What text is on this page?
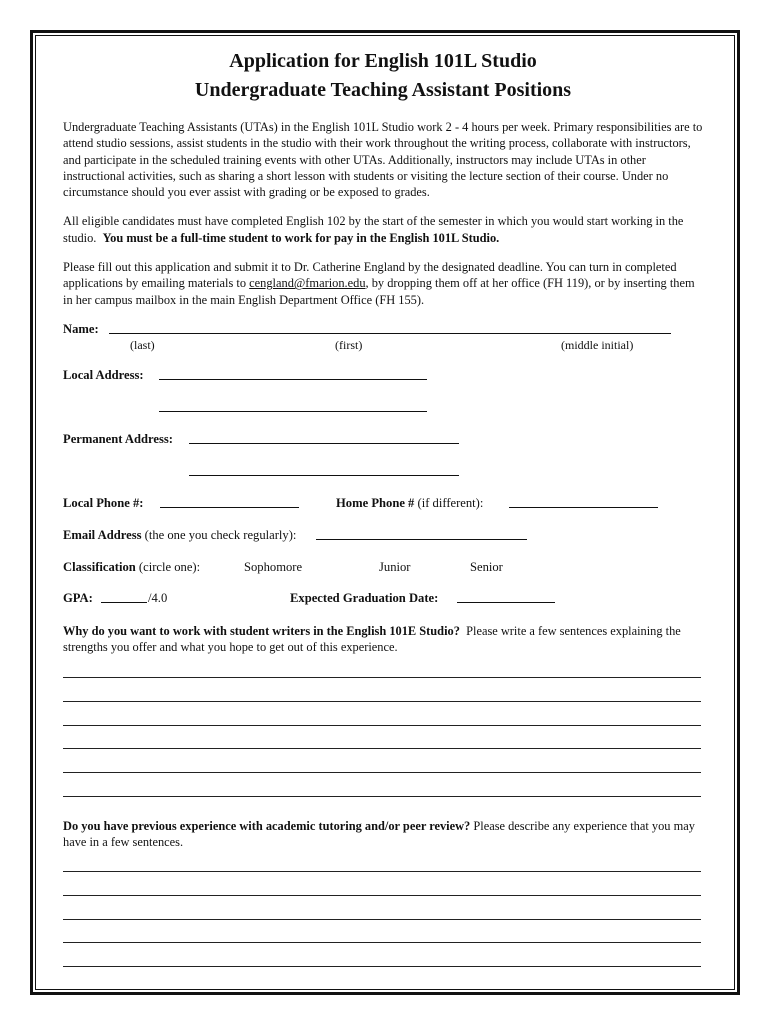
Application for English 101L Studio
Undergraduate Teaching Assistant Positions

Undergraduate Teaching Assistants (UTAs) in the English 101L Studio work 2 - 4 hours per week. Primary responsibilities are to attend studio sessions, assist students in the studio with their work throughout the writing process, collaborate with instructors, and participate in the scheduled training events with other UTAs. Additionally, instructors may include UTAs in other instructional activities, such as sharing a short lesson with students or visiting the lecture section of their course. Under no circumstance should you ever assist with grading or be exposed to grades.

All eligible candidates must have completed English 102 by the start of the semester in which you would start working in the studio. You must be a full-time student to work for pay in the English 101L Studio.

Please fill out this application and submit it to Dr. Catherine England by the designated deadline. You can turn in completed applications by emailing materials to cengland@fmarion.edu, by dropping them off at her office (FH 119), or by inserting them in her campus mailbox in the main English Department Office (FH 155).

Name:
(last)	(first)	(middle initial)
Local Address:
Permanent Address:
Local Phone #:	Home Phone # (if different):
Email Address (the one you check regularly):
Classification (circle one):	Sophomore	Junior	Senior
GPA:	/4.0	Expected Graduation Date:

Why do you want to work with student writers in the English 101E Studio? Please write a few sentences explaining the strengths you offer and what you hope to get out of this experience.

Do you have previous experience with academic tutoring and/or peer review? Please describe any experience that you may have in a few sentences.
